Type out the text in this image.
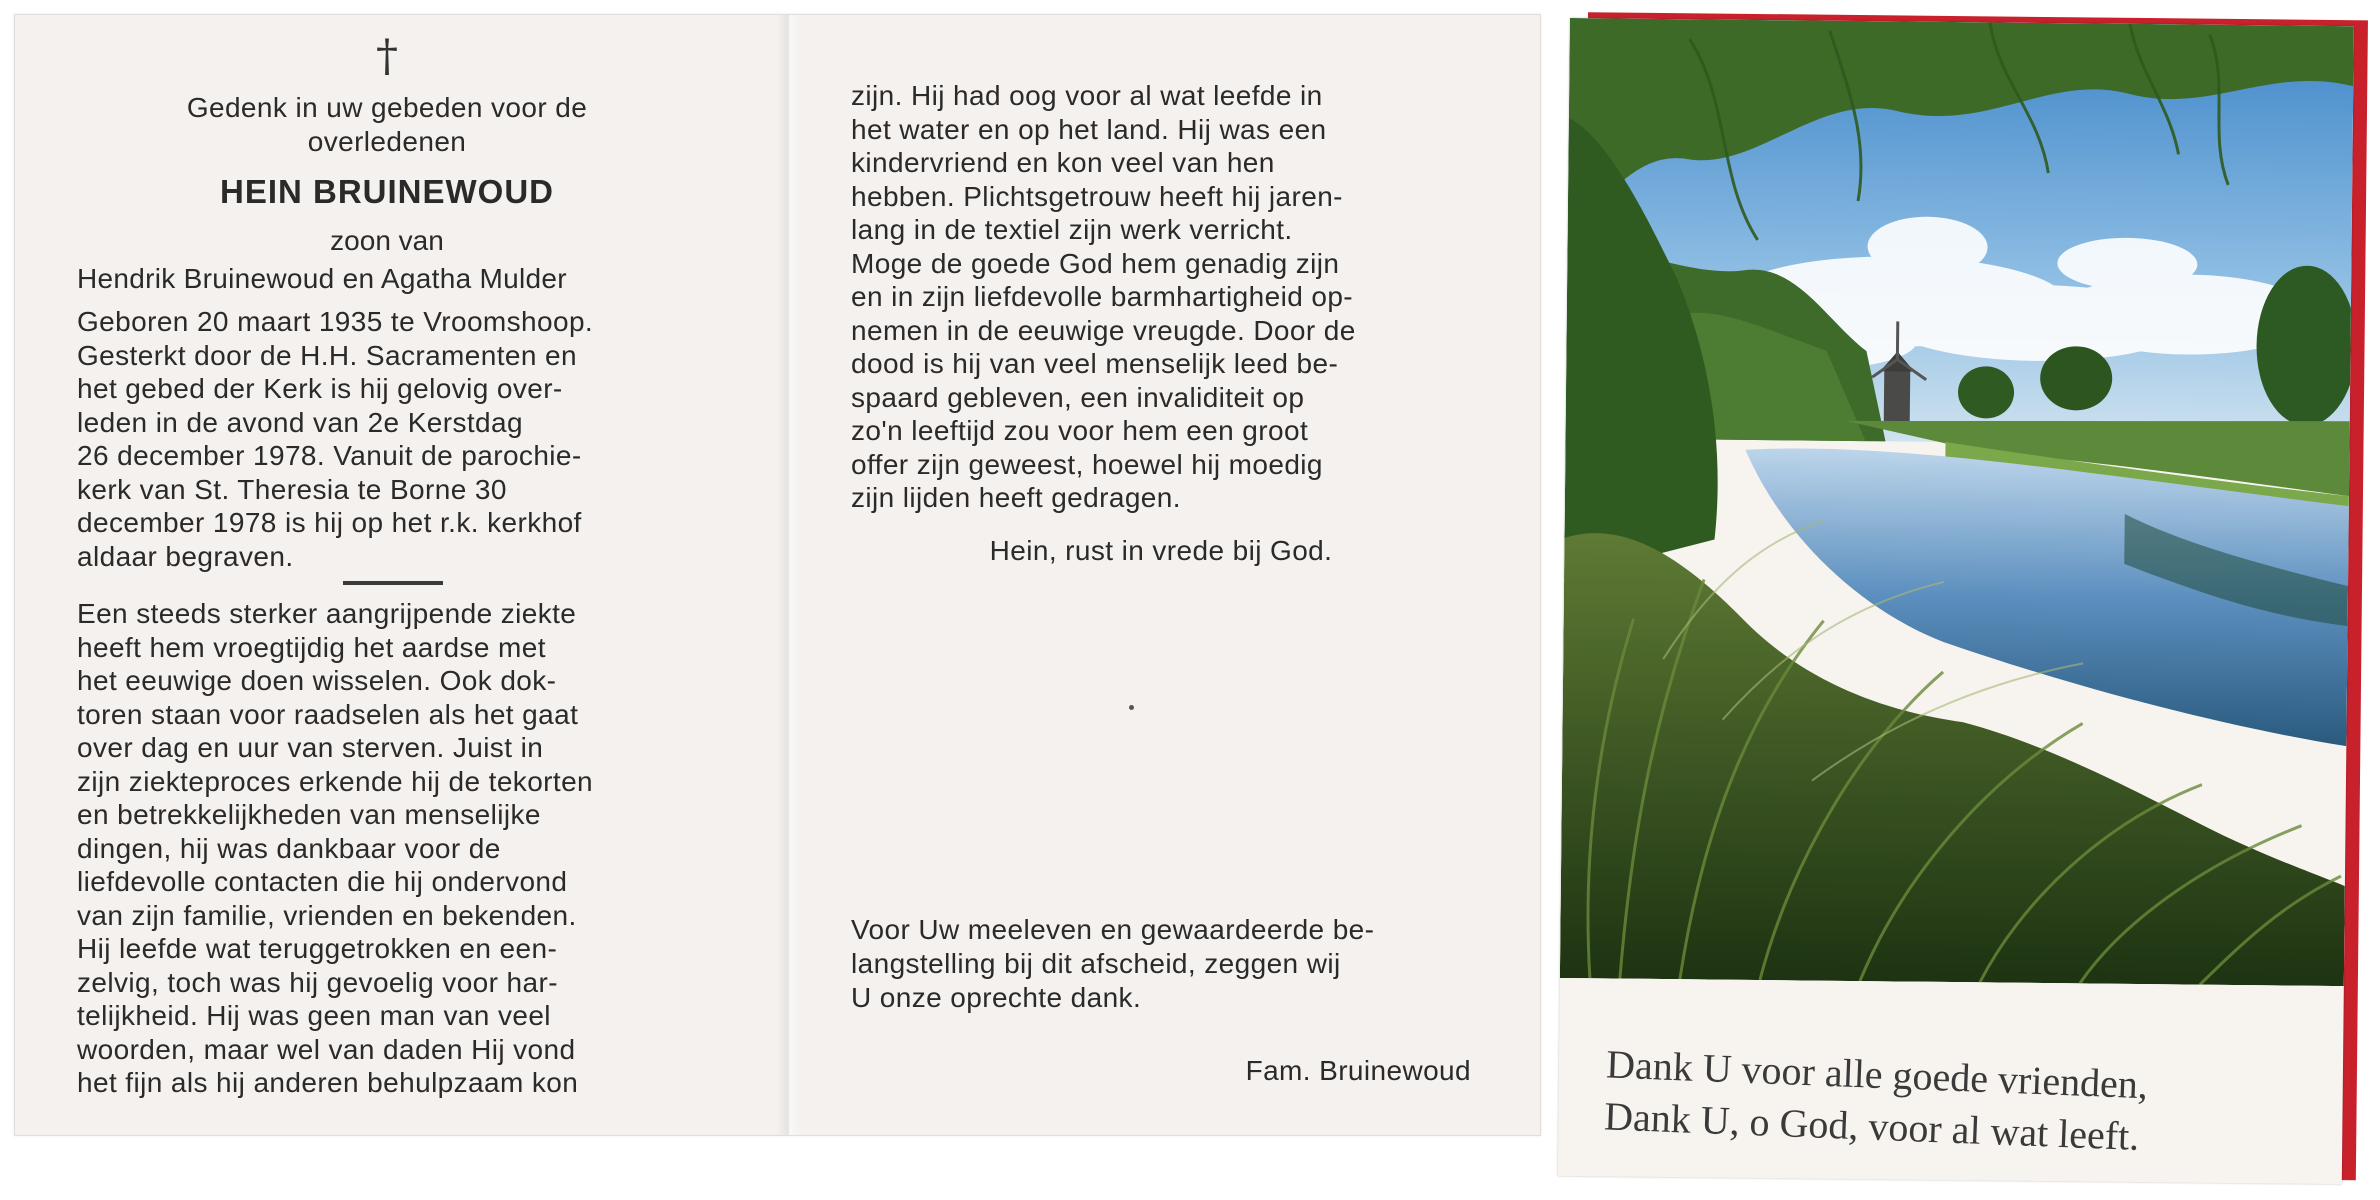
†
Gedenk in uw gebeden voor de
overledenen
HEIN BRUINEWOUD
zoon van
Hendrik Bruinewoud en Agatha Mulder
Geboren 20 maart 1935 te Vroomshoop.
Gesterkt door de H.H. Sacramenten en
het gebed der Kerk is hij gelovig over-
leden in de avond van 2e Kerstdag
26 december 1978. Vanuit de parochie-
kerk van St. Theresia te Borne 30
december 1978 is hij op het r.k. kerkhof
aldaar begraven.
Een steeds sterker aangrijpende ziekte
heeft hem vroegtijdig het aardse met
het eeuwige doen wisselen. Ook dok-
toren staan voor raadselen als het gaat
over dag en uur van sterven. Juist in
zijn ziekteproces erkende hij de tekorten
en betrekkelijkheden van menselijke
dingen, hij was dankbaar voor de
liefdevolle contacten die hij ondervond
van zijn familie, vrienden en bekenden.
Hij leefde wat teruggetrokken en een-
zelvig, toch was hij gevoelig voor har-
telijkheid. Hij was geen man van veel
woorden, maar wel van daden Hij vond
het fijn als hij anderen behulpzaam kon
zijn. Hij had oog voor al wat leefde in
het water en op het land. Hij was een
kindervriend en kon veel van hen
hebben. Plichtsgetrouw heeft hij jaren-
lang in de textiel zijn werk verricht.
Moge de goede God hem genadig zijn
en in zijn liefdevolle barmhartigheid op-
nemen in de eeuwige vreugde. Door de
dood is hij van veel menselijk leed be-
spaard gebleven, een invaliditeit op
zo'n leeftijd zou voor hem een groot
offer zijn geweest, hoewel hij moedig
zijn lijden heeft gedragen.
Hein, rust in vrede bij God.
Voor Uw meeleven en gewaardeerde be-
langstelling bij dit afscheid, zeggen wij
U onze oprechte dank.
Fam. Bruinewoud	Dank U voor alle goede vrienden,
Dank U, o God, voor al wat leeft.
